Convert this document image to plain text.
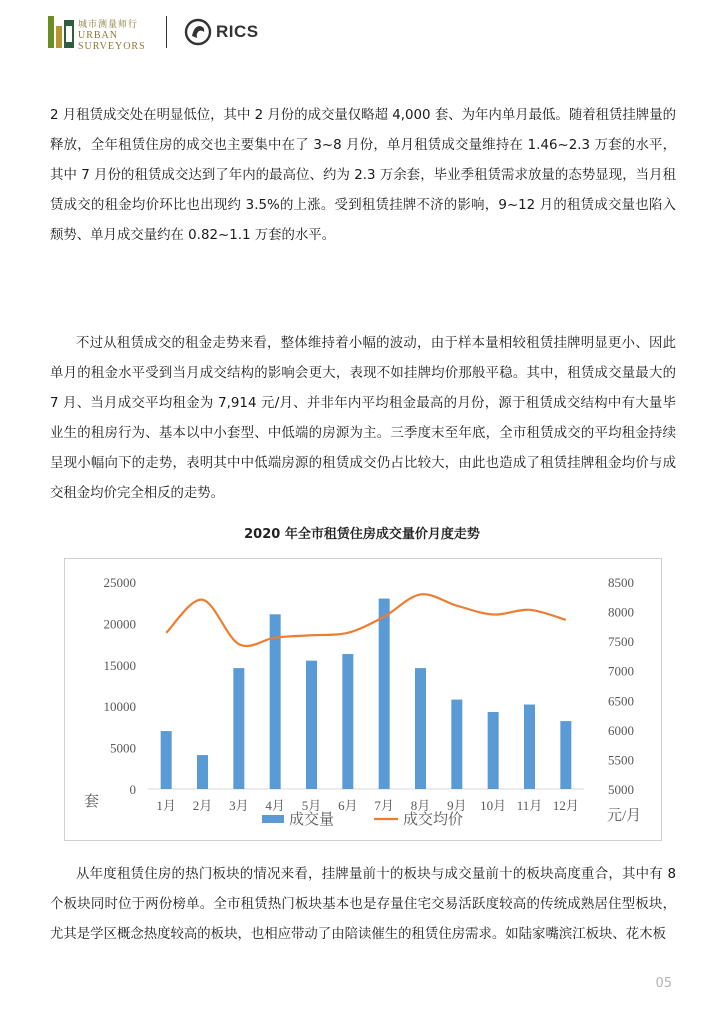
城市测量师行
URBAN
SURVEYORS
RICS

2 月租赁成交处在明显低位，其中 2 月份的成交量仅略超 4,000 套、为年内单月最低。随着租赁挂牌量的释放，全年租赁住房的成交也主要集中在了 3~8 月份，单月租赁成交量维持在 1.46~2.3 万套的水平，其中 7 月份的租赁成交达到了年内的最高位、约为 2.3 万余套，毕业季租赁需求放量的态势显现，当月租赁成交的租金均价环比也出现约 3.5%的上涨。受到租赁挂牌不济的影响，9~12 月的租赁成交量也陷入颓势、单月成交量约在 0.82~1.1 万套的水平。

不过从租赁成交的租金走势来看，整体维持着小幅的波动，由于样本量相较租赁挂牌明显更小、因此单月的租金水平受到当月成交结构的影响会更大，表现不如挂牌均价那般平稳。其中，租赁成交量最大的 7 月、当月成交平均租金为 7,914 元/月、并非年内平均租金最高的月份，源于租赁成交结构中有大量毕业生的租房行为、基本以中小套型、中低端的房源为主。三季度末至年底，全市租赁成交的平均租金持续呈现小幅向下的走势，表明其中中低端房源的租赁成交仍占比较大，由此也造成了租赁挂牌租金均价与成交租金均价完全相反的走势。

2020 年全市租赁住房成交量价月度走势
0
5000
10000
15000
20000
25000
5000
5500
6000
6500
7000
7500
8000
8500
1月 2月 3月 4月 5月 6月 7月 8月 9月 10月 11月 12月
套
元/月
成交量	成交均价

从年度租赁住房的热门板块的情况来看，挂牌量前十的板块与成交量前十的板块高度重合，其中有 8 个板块同时位于两份榜单。全市租赁热门板块基本也是存量住宅交易活跃度较高的传统成熟居住型板块，尤其是学区概念热度较高的板块，也相应带动了由陪读催生的租赁住房需求。如陆家嘴滨江板块、花木板

05
